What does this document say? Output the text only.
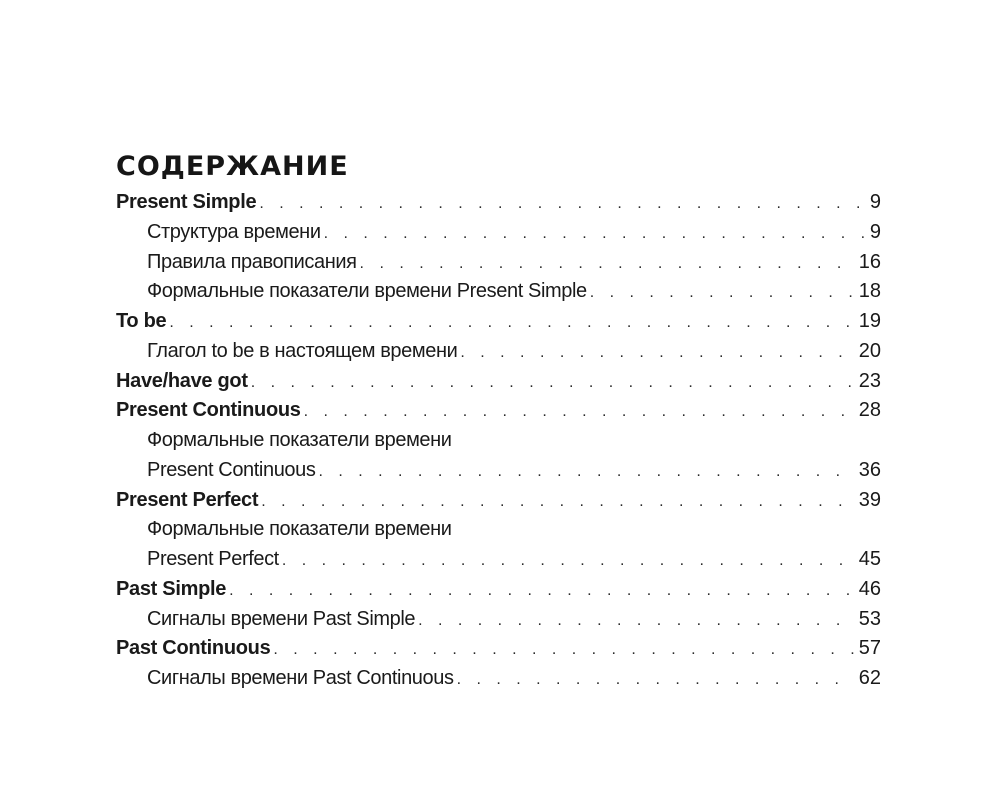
СОДЕРЖАНИЕ
Present Simple . . .	9
Структура времени . . .	9
Правила правописания . . .	16
Формальные показатели времени Present Simple . . .	18
To be . . .	19
Глагол to be в настоящем времени . . .	20
Have/have got . . .	23
Present Continuous . . .	28
Формальные показатели времени
Present Continuous . . .	36
Present Perfect . . .	39
Формальные показатели времени
Present Perfect . . .	45
Past Simple . . .	46
Сигналы времени Past Simple . . .	53
Past Continuous . . .	57
Сигналы времени Past Continuous . . .	62
